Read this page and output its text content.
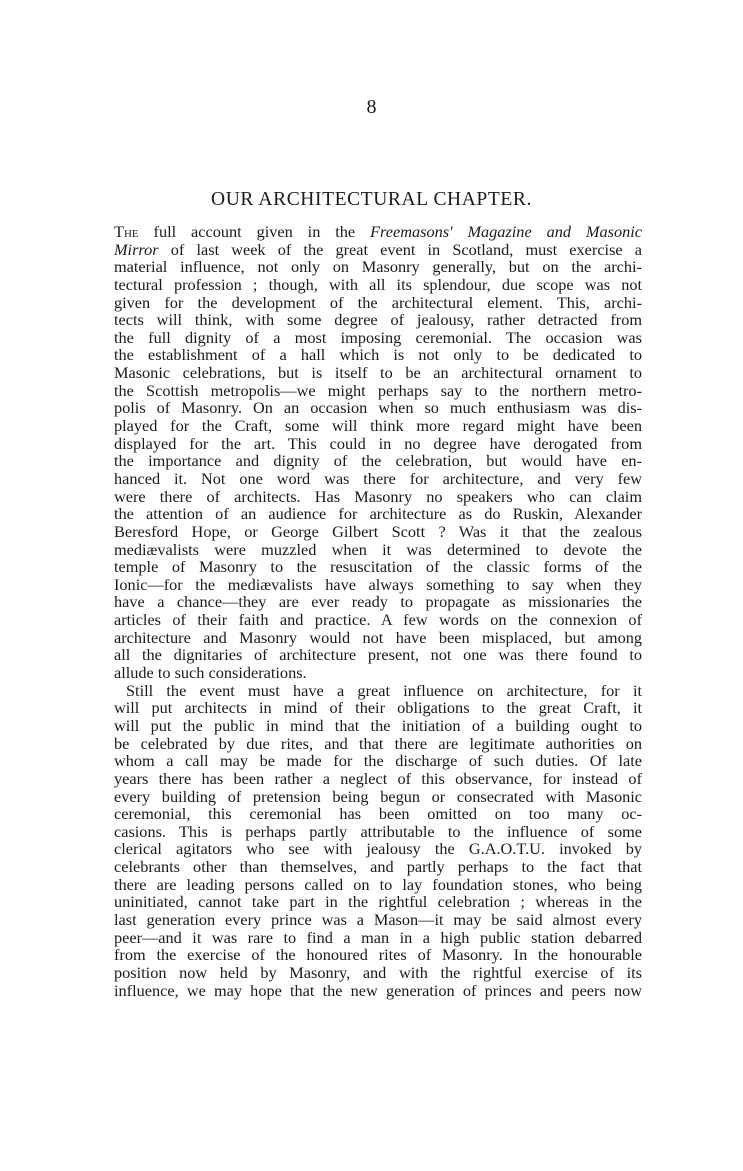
8
OUR ARCHITECTURAL CHAPTER.
The full account given in the Freemasons' Magazine and Masonic
Mirror of last week of the great event in Scotland, must exercise a
material influence, not only on Masonry generally, but on the archi-
tectural profession ; though, with all its splendour, due scope was not
given for the development of the architectural element. This, archi-
tects will think, with some degree of jealousy, rather detracted from
the full dignity of a most imposing ceremonial. The occasion was
the establishment of a hall which is not only to be dedicated to
Masonic celebrations, but is itself to be an architectural ornament to
the Scottish metropolis—we might perhaps say to the northern metro-
polis of Masonry. On an occasion when so much enthusiasm was dis-
played for the Craft, some will think more regard might have been
displayed for the art. This could in no degree have derogated from
the importance and dignity of the celebration, but would have en-
hanced it. Not one word was there for architecture, and very few
were there of architects. Has Masonry no speakers who can claim
the attention of an audience for architecture as do Ruskin, Alexander
Beresford Hope, or George Gilbert Scott ? Was it that the zealous
mediævalists were muzzled when it was determined to devote the
temple of Masonry to the resuscitation of the classic forms of the
Ionic—for the mediævalists have always something to say when they
have a chance—they are ever ready to propagate as missionaries the
articles of their faith and practice. A few words on the connexion of
architecture and Masonry would not have been misplaced, but among
all the dignitaries of architecture present, not one was there found to
allude to such considerations.
Still the event must have a great influence on architecture, for it
will put architects in mind of their obligations to the great Craft, it
will put the public in mind that the initiation of a building ought to
be celebrated by due rites, and that there are legitimate authorities on
whom a call may be made for the discharge of such duties. Of late
years there has been rather a neglect of this observance, for instead of
every building of pretension being begun or consecrated with Masonic
ceremonial, this ceremonial has been omitted on too many oc-
casions. This is perhaps partly attributable to the influence of some
clerical agitators who see with jealousy the G.A.O.T.U. invoked by
celebrants other than themselves, and partly perhaps to the fact that
there are leading persons called on to lay foundation stones, who being
uninitiated, cannot take part in the rightful celebration ; whereas in the
last generation every prince was a Mason—it may be said almost every
peer—and it was rare to find a man in a high public station debarred
from the exercise of the honoured rites of Masonry. In the honourable
position now held by Masonry, and with the rightful exercise of its
influence, we may hope that the new generation of princes and peers now
